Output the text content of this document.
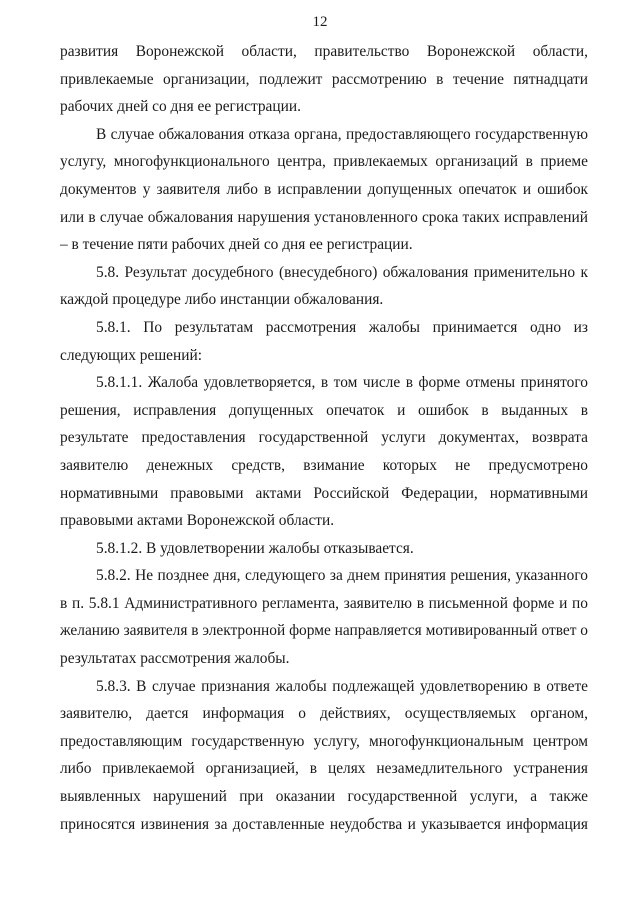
12

развития Воронежской области, правительство Воронежской области, привлекаемые организации, подлежит рассмотрению в течение пятнадцати рабочих дней со дня ее регистрации.

В случае обжалования отказа органа, предоставляющего государственную услугу, многофункционального центра, привлекаемых организаций в приеме документов у заявителя либо в исправлении допущенных опечаток и ошибок или в случае обжалования нарушения установленного срока таких исправлений – в течение пяти рабочих дней со дня ее регистрации.

5.8. Результат досудебного (внесудебного) обжалования применительно к каждой процедуре либо инстанции обжалования.

5.8.1. По результатам рассмотрения жалобы принимается одно из следующих решений:

5.8.1.1. Жалоба удовлетворяется, в том числе в форме отмены принятого решения, исправления допущенных опечаток и ошибок в выданных в результате предоставления государственной услуги документах, возврата заявителю денежных средств, взимание которых не предусмотрено нормативными правовыми актами Российской Федерации, нормативными правовыми актами Воронежской области.

5.8.1.2. В удовлетворении жалобы отказывается.

5.8.2. Не позднее дня, следующего за днем принятия решения, указанного в п. 5.8.1 Административного регламента, заявителю в письменной форме и по желанию заявителя в электронной форме направляется мотивированный ответ о результатах рассмотрения жалобы.

5.8.3. В случае признания жалобы подлежащей удовлетворению в ответе заявителю, дается информация о действиях, осуществляемых органом, предоставляющим государственную услугу, многофункциональным центром либо привлекаемой организацией, в целях незамедлительного устранения выявленных нарушений при оказании государственной услуги, а также приносятся извинения за доставленные неудобства и указывается информация
